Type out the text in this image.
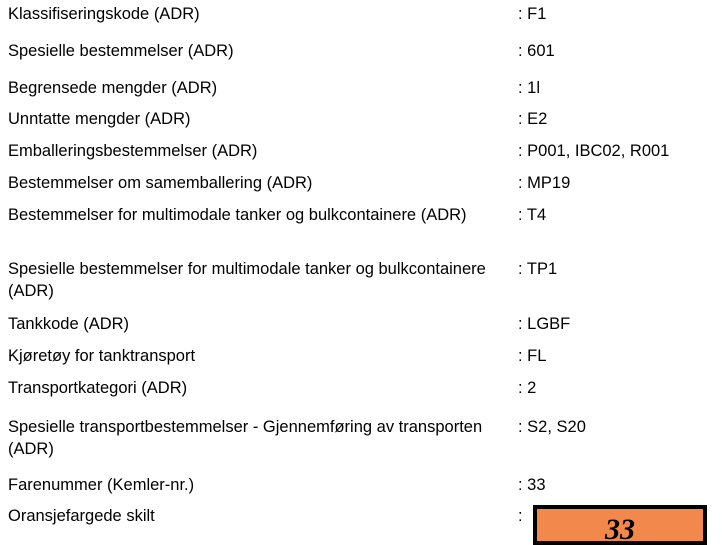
Klassifiseringskode (ADR)	: F1
Spesielle bestemmelser (ADR)	: 601
Begrensede mengder (ADR)	: 1l
Unntatte mengder (ADR)	: E2
Emballeringsbestemmelser (ADR)	: P001, IBC02, R001
Bestemmelser om samemballering (ADR)	: MP19
Bestemmelser for multimodale tanker og bulkcontainere (ADR)	: T4
Spesielle bestemmelser for multimodale tanker og bulkcontainere (ADR)
: TP1
Tankkode (ADR)	: LGBF
Kjøretøy for tanktransport	: FL
Transportkategori (ADR)	: 2
Spesielle transportbestemmelser - Gjennemføring av transporten (ADR)
: S2, S20
Farenummer (Kemler-nr.)	: 33
Oransjefargede skilt	:	33
